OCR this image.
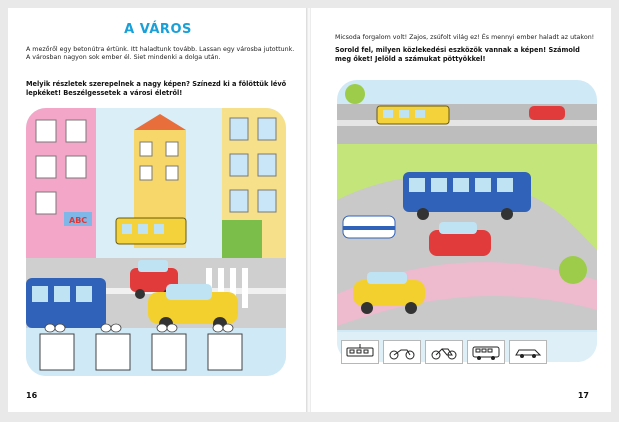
A VÁROS
A mezőről egy betonútra értünk. Itt haladtunk tovább. Lassan egy városba jutottunk. A városban nagyon sok ember él. Siet mindenki a dolga után.
Melyik részletek szerepelnek a nagy képen? Színezd ki a fölöttük lévő lepkéket! Beszélgessetek a városi életről!
ABC
16
Micsoda forgalom volt! Zajos, zsúfolt világ ez! És mennyi ember haladt az utakon!
Sorold fel, milyen közlekedési eszközök vannak a képen! Számold meg őket! Jelöld a számukat pöttyökkel!
17
